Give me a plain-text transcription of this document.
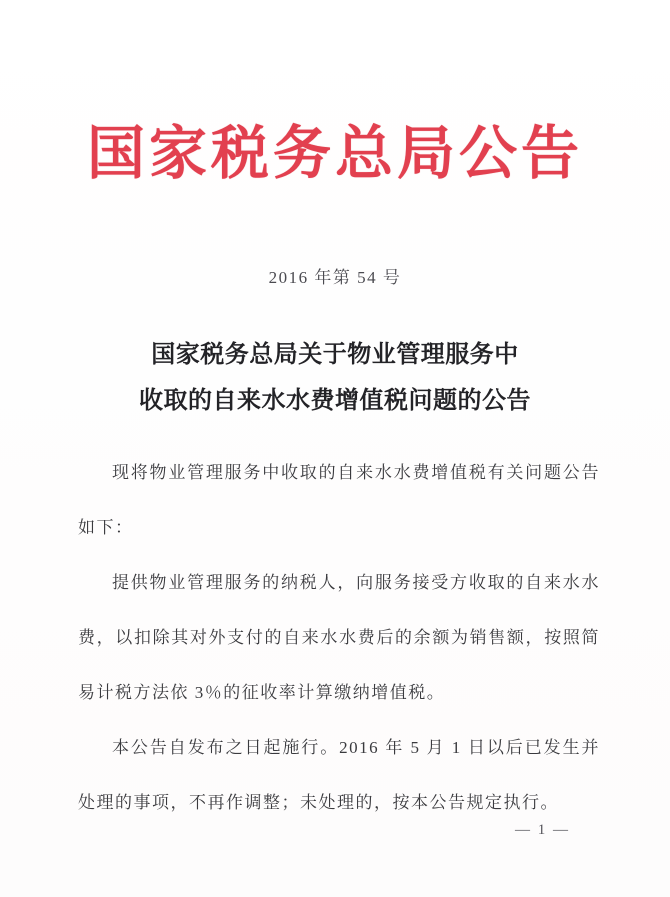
国家税务总局公告
2016 年第 54 号
国家税务总局关于物业管理服务中
收取的自来水水费增值税问题的公告

现将物业管理服务中收取的自来水水费增值税有关问题公告如下：

提供物业管理服务的纳税人，向服务接受方收取的自来水水费，以扣除其对外支付的自来水水费后的余额为销售额，按照简易计税方法依 3％的征收率计算缴纳增值税。

本公告自发布之日起施行。2016 年 5 月 1 日以后已发生并处理的事项，不再作调整；未处理的，按本公告规定执行。

— 1 —
